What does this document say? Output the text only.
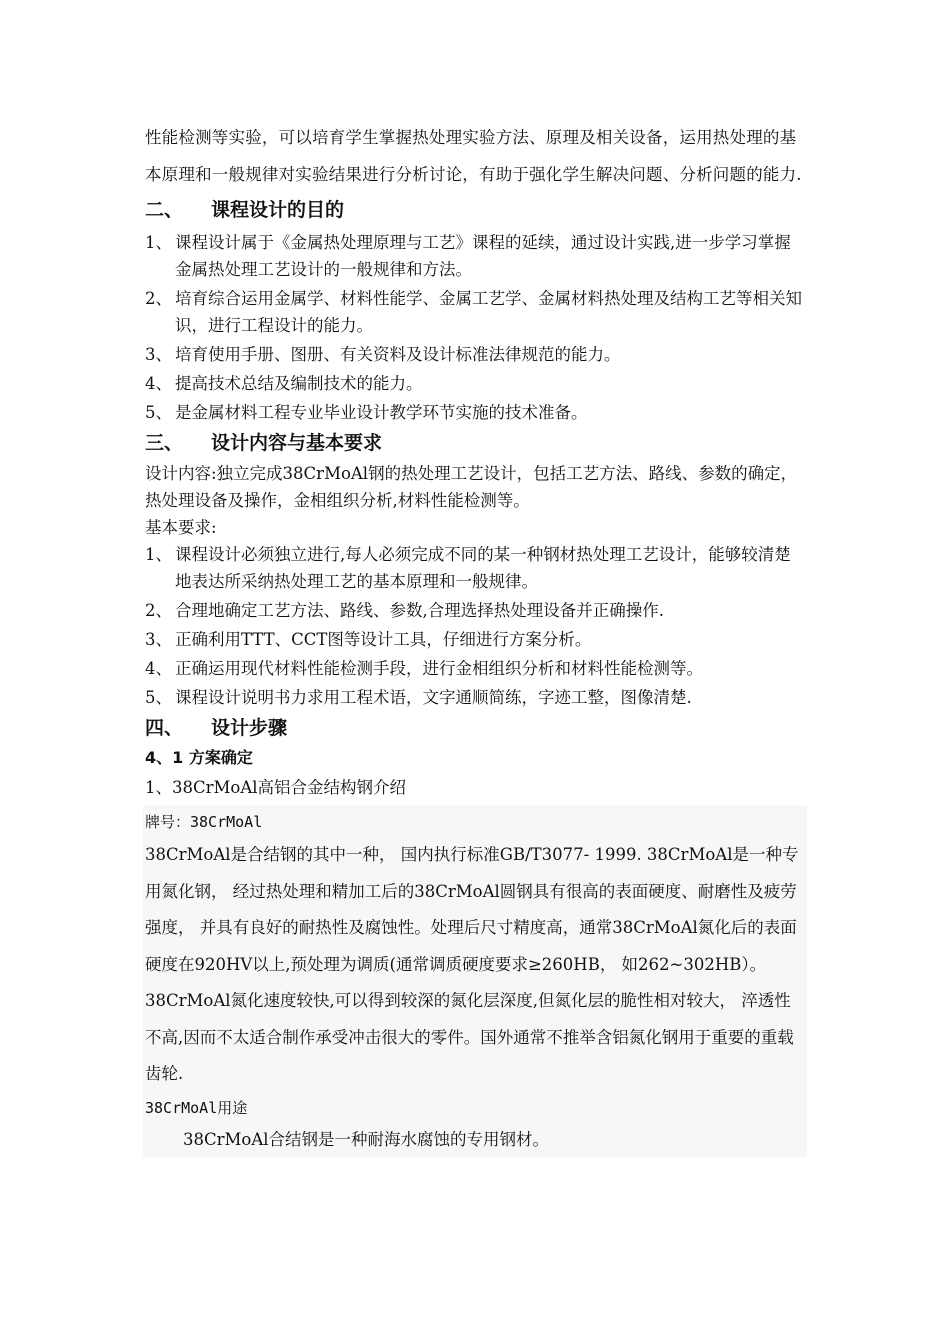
性能检测等实验，可以培育学生掌握热处理实验方法、原理及相关设备，运用热处理的基本原理和一般规律对实验结果进行分析讨论，有助于强化学生解决问题、分析问题的能力.

二、 课程设计的目的

1、 课程设计属于《金属热处理原理与工艺》课程的延续，通过设计实践,进一步学习掌握金属热处理工艺设计的一般规律和方法。

2、 培育综合运用金属学、材料性能学、金属工艺学、金属材料热处理及结构工艺等相关知识，进行工程设计的能力。

3、 培育使用手册、图册、有关资料及设计标准法律规范的能力。

4、 提高技术总结及编制技术的能力。

5、 是金属材料工程专业毕业设计教学环节实施的技术准备。

三、 设计内容与基本要求

设计内容:独立完成38CrMoAl钢的热处理工艺设计，包括工艺方法、路线、参数的确定，热处理设备及操作，金相组织分析,材料性能检测等。

基本要求:

1、 课程设计必须独立进行,每人必须完成不同的某一种钢材热处理工艺设计，能够较清楚地表达所采纳热处理工艺的基本原理和一般规律。

2、 合理地确定工艺方法、路线、参数,合理选择热处理设备并正确操作.

3、 正确利用TTT、CCT图等设计工具，仔细进行方案分析。

4、 正确运用现代材料性能检测手段，进行金相组织分析和材料性能检测等。

5、 课程设计说明书力求用工程术语，文字通顺简练，字迹工整，图像清楚.

四、 设计步骤

4、1 方案确定

1、38CrMoAl高铝合金结构钢介绍

牌号：38CrMoAl

38CrMoAl是合结钢的其中一种， 国内执行标准GB/T3077- 1999. 38CrMoAl是一种专用氮化钢， 经过热处理和精加工后的38CrMoAl圆钢具有很高的表面硬度、耐磨性及疲劳强度， 并具有良好的耐热性及腐蚀性。处理后尺寸精度高，通常38CrMoAl氮化后的表面硬度在920HV以上,预处理为调质(通常调质硬度要求≥260HB， 如262~302HB）。38CrMoAl氮化速度较快,可以得到较深的氮化层深度,但氮化层的脆性相对较大， 淬透性不高,因而不太适合制作承受冲击很大的零件。国外通常不推举含铝氮化钢用于重要的重载齿轮.

38CrMoAl用途

38CrMoAl合结钢是一种耐海水腐蚀的专用钢材。
